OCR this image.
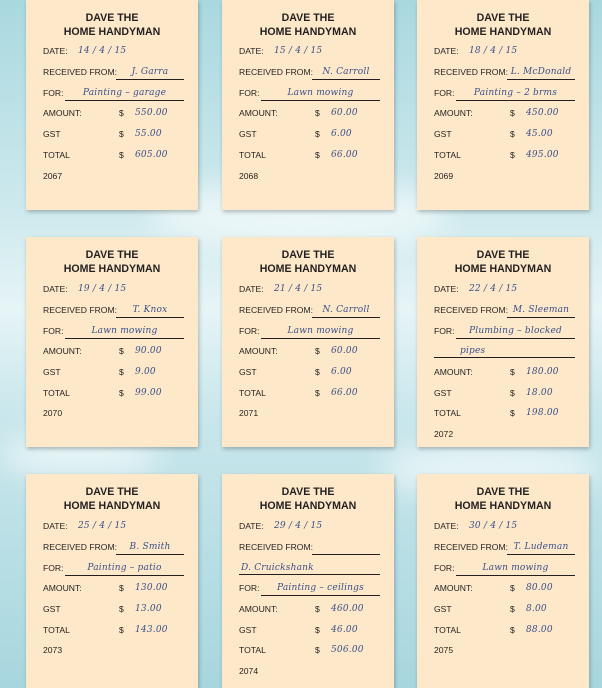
DAVE THE
HOME HANDYMAN
DATE: 14 / 4 / 15
RECEIVED FROM:	J. Garra
FOR:	Painting – garage
AMOUNT:	$ 550.00
GST	$ 55.00
TOTAL	$ 605.00
2067
DAVE THE
HOME HANDYMAN
DATE: 15 / 4 / 15
RECEIVED FROM:	N. Carroll
FOR:	Lawn mowing
AMOUNT:	$ 60.00
GST	$ 6.00
TOTAL	$ 66.00
2068
DAVE THE
HOME HANDYMAN
DATE: 18 / 4 / 15
RECEIVED FROM: L. McDonald
FOR:	Painting – 2 brms
AMOUNT:	$ 450.00
GST	$ 45.00
TOTAL	$ 495.00
2069
DAVE THE
HOME HANDYMAN
DATE: 19 / 4 / 15
RECEIVED FROM:	T. Knox
FOR:	Lawn mowing
AMOUNT:	$ 90.00
GST	$ 9.00
TOTAL	$ 99.00
2070
DAVE THE
HOME HANDYMAN
DATE: 21 / 4 / 15
RECEIVED FROM:	N. Carroll
FOR:	Lawn mowing
AMOUNT:	$ 60.00
GST	$ 6.00
TOTAL	$ 66.00
2071
DAVE THE
HOME HANDYMAN
DATE: 22 / 4 / 15
RECEIVED FROM: M. Sleeman
FOR:	Plumbing – blocked
pipes
AMOUNT:	$ 180.00
GST	$ 18.00
TOTAL	$ 198.00
2072
DAVE THE
HOME HANDYMAN
DATE: 25 / 4 / 15
RECEIVED FROM:	B. Smith
FOR:	Painting – patio
AMOUNT:	$ 130.00
GST	$ 13.00
TOTAL	$ 143.00
2073
DAVE THE
HOME HANDYMAN
DATE: 29 / 4 / 15
RECEIVED FROM:
D. Cruickshank
FOR:	Painting – ceilings
AMOUNT:	$ 460.00
GST	$ 46.00
TOTAL	$ 506.00
2074
DAVE THE
HOME HANDYMAN
DATE: 30 / 4 / 15
RECEIVED FROM: T. Ludeman
FOR:	Lawn mowing
AMOUNT:	$ 80.00
GST	$ 8.00
TOTAL	$ 88.00
2075
